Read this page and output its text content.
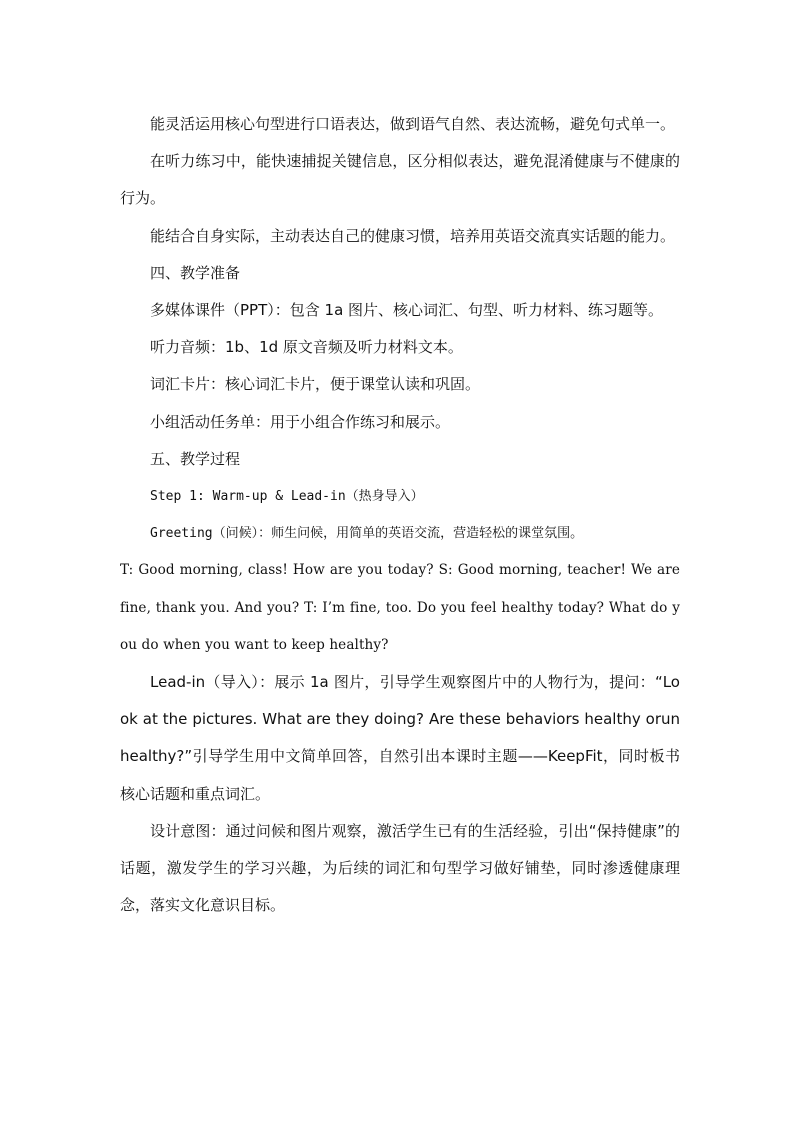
能灵活运用核心句型进行口语表达，做到语气自然、表达流畅，避免句式单一。

在听力练习中，能快速捕捉关键信息，区分相似表达，避免混淆健康与不健康的行为。

能结合自身实际，主动表达自己的健康习惯，培养用英语交流真实话题的能力。

四、教学准备

多媒体课件（PPT）：包含 1a 图片、核心词汇、句型、听力材料、练习题等。

听力音频：1b、1d 原文音频及听力材料文本。

词汇卡片：核心词汇卡片，便于课堂认读和巩固。

小组活动任务单：用于小组合作练习和展示。

五、教学过程

Step 1: Warm-up & Lead-in（热身导入）

Greeting（问候）：师生问候，用简单的英语交流，营造轻松的课堂氛围。

T: Good morning, class! How are you today? S: Good morning, teacher! We are fine, thank you. And you? T: I’m fine, too. Do you feel healthy today? What do you do when you want to keep healthy?

Lead-in（导入）：展示 1a 图片，引导学生观察图片中的人物行为，提问：“Look at the pictures. What are they doing? Are these behaviors healthy orunhealthy?”引导学生用中文简单回答，自然引出本课时主题——KeepFit，同时板书核心话题和重点词汇。

设计意图：通过问候和图片观察，激活学生已有的生活经验，引出“保持健康”的话题，激发学生的学习兴趣，为后续的词汇和句型学习做好铺垫，同时渗透健康理念，落实文化意识目标。
